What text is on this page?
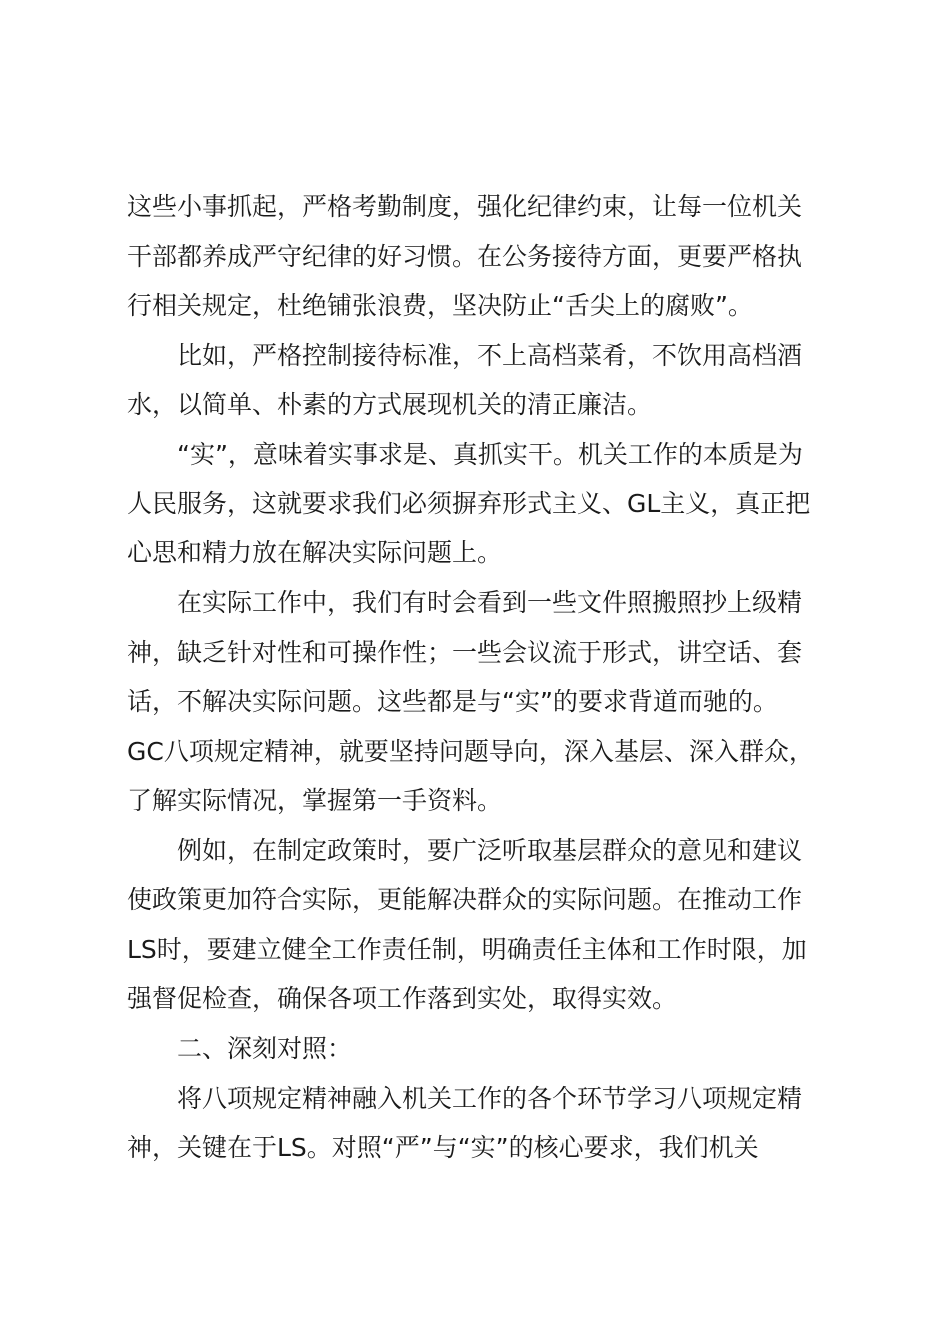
这些小事抓起，严格考勤制度，强化纪律约束，让每一位机关
干部都养成严守纪律的好习惯。在公务接待方面，更要严格执
行相关规定，杜绝铺张浪费，坚决防止“舌尖上的腐败”。
比如，严格控制接待标准，不上高档菜肴，不饮用高档酒
水，以简单、朴素的方式展现机关的清正廉洁。
“实”，意味着实事求是、真抓实干。机关工作的本质是为
人民服务，这就要求我们必须摒弃形式主义、GL主义，真正把
心思和精力放在解决实际问题上。
在实际工作中，我们有时会看到一些文件照搬照抄上级精
神，缺乏针对性和可操作性；一些会议流于形式，讲空话、套
话，不解决实际问题。这些都是与“实”的要求背道而驰的。
GC八项规定精神，就要坚持问题导向，深入基层、深入群众，
了解实际情况，掌握第一手资料。
例如，在制定政策时，要广泛听取基层群众的意见和建议
使政策更加符合实际，更能解决群众的实际问题。在推动工作
LS时，要建立健全工作责任制，明确责任主体和工作时限，加
强督促检查，确保各项工作落到实处，取得实效。
二、深刻对照：
将八项规定精神融入机关工作的各个环节学习八项规定精
神，关键在于LS。对照“严”与“实”的核心要求，我们机关
